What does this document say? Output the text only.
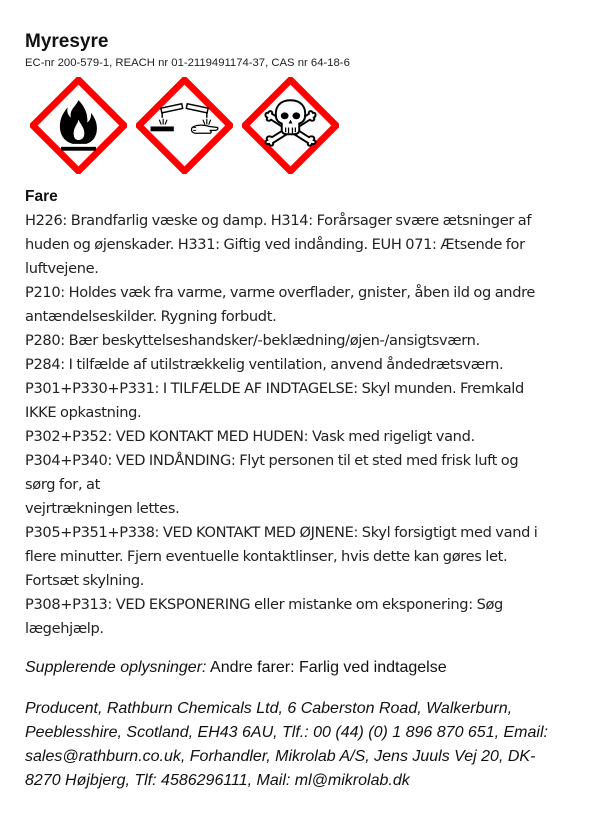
Myresyre
EC-nr 200-579-1, REACH nr 01-2119491174-37, CAS nr 64-18-6
Fare
H226: Brandfarlig væske og damp. H314: Forårsager svære ætsninger af
huden og øjenskader. H331: Giftig ved indånding. EUH 071: Ætsende for
luftvejene.
P210: Holdes væk fra varme, varme overflader, gnister, åben ild og andre
antændelseskilder. Rygning forbudt.
P280: Bær beskyttelseshandsker/-beklædning/øjen-/ansigtsværn.
P284: I tilfælde af utilstrækkelig ventilation, anvend åndedrætsværn.
P301+P330+P331: I TILFÆLDE AF INDTAGELSE: Skyl munden. Fremkald
IKKE opkastning.
P302+P352: VED KONTAKT MED HUDEN: Vask med rigeligt vand.
P304+P340: VED INDÅNDING: Flyt personen til et sted med frisk luft og
sørg for, at
vejrtrækningen lettes.
P305+P351+P338: VED KONTAKT MED ØJNENE: Skyl forsigtigt med vand i
flere minutter. Fjern eventuelle kontaktlinser, hvis dette kan gøres let.
Fortsæt skylning.
P308+P313: VED EKSPONERING eller mistanke om eksponering: Søg
lægehjælp.
Supplerende oplysninger: Andre farer: Farlig ved indtagelse
Producent, Rathburn Chemicals Ltd, 6 Caberston Road, Walkerburn,
Peeblesshire, Scotland, EH43 6AU, Tlf.: 00 (44) (0) 1 896 870 651, Email:
sales@rathburn.co.uk, Forhandler, Mikrolab A/S, Jens Juuls Vej 20, DK-
8270 Højbjerg, Tlf: 4586296111, Mail: ml@mikrolab.dk
